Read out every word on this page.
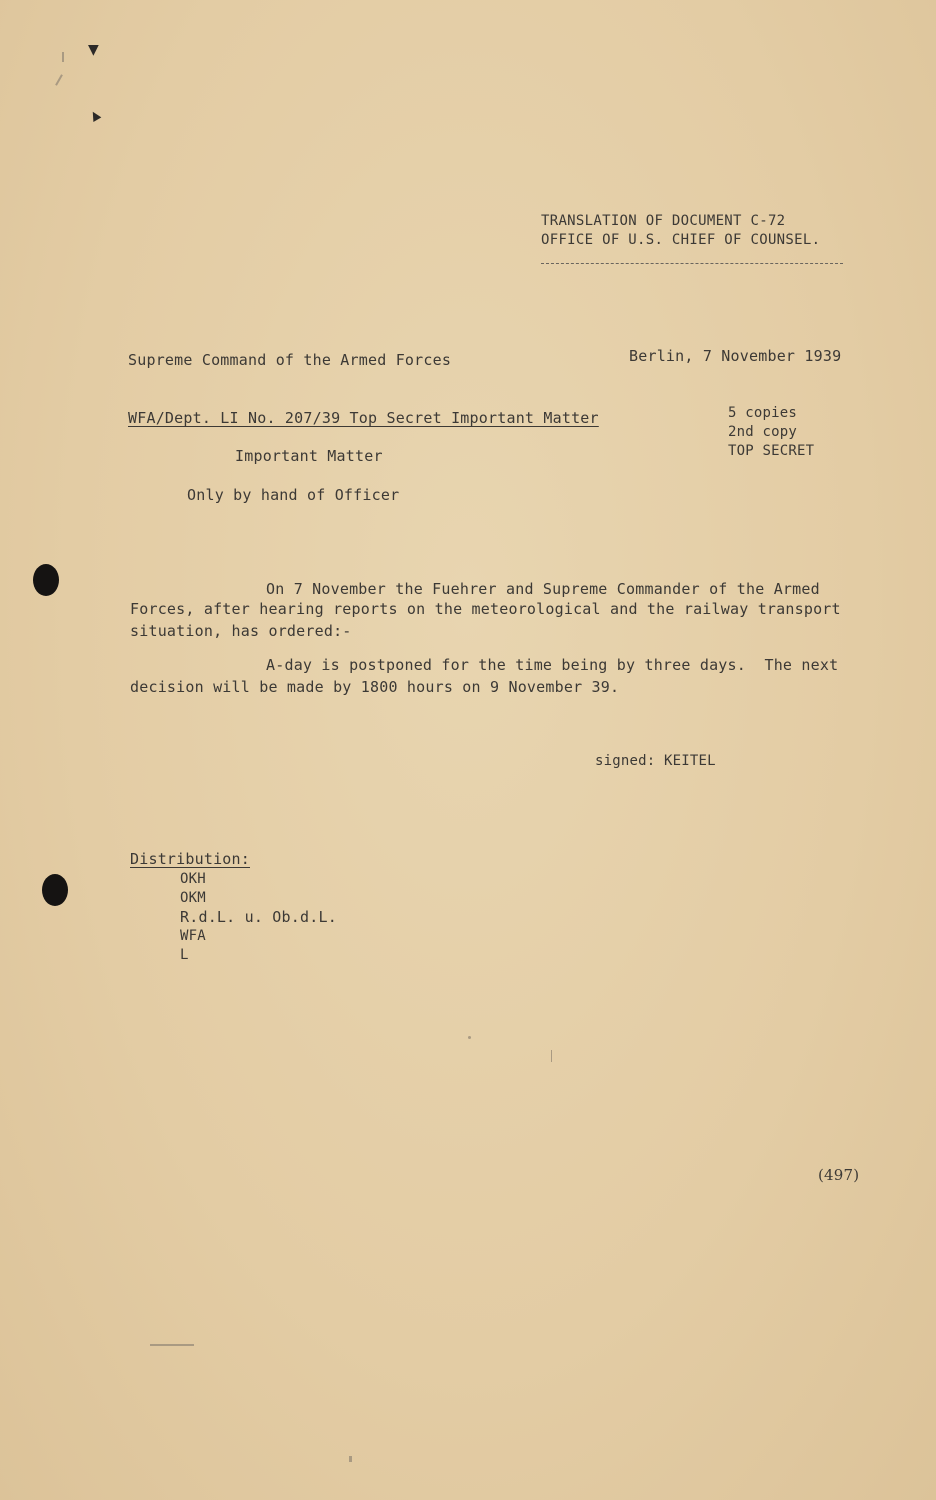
▼
▲
TRANSLATION OF DOCUMENT C-72
OFFICE OF U.S. CHIEF OF COUNSEL.
Supreme Command of the Armed Forces	Berlin, 7 November 1939
WFA/Dept. LI No. 207/39 Top Secret Important Matter
Important Matter
Only by hand of Officer
5 copies
2nd copy
TOP SECRET
On 7 November the Fuehrer and Supreme Commander of the Armed
Forces, after hearing reports on the meteorological and the railway transport
situation, has ordered:-
A-day is postponed for the time being by three days.  The next
decision will be made by 1800 hours on 9 November 39.
signed: KEITEL
Distribution:
OKH
OKM
R.d.L. u. Ob.d.L.
WFA
L
(497)
